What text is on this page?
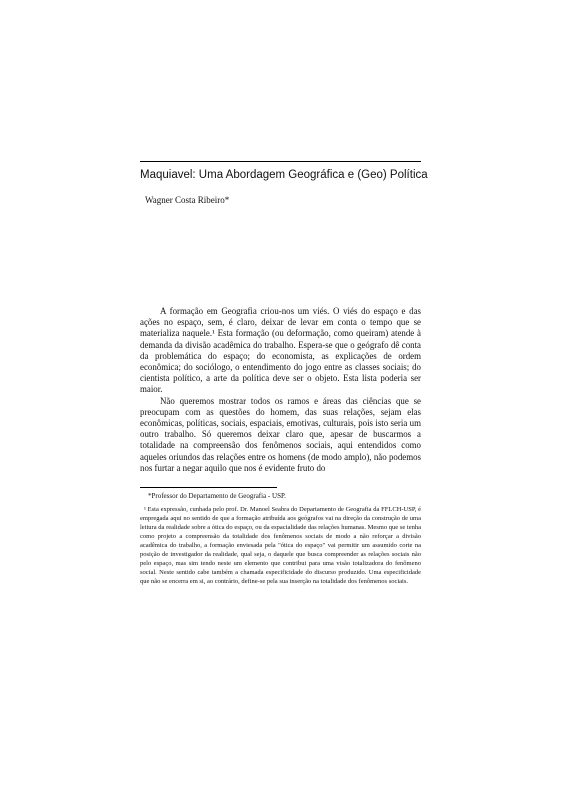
Maquiavel: Uma Abordagem Geográfica e (Geo) Política
Wagner Costa Ribeiro*

A formação em Geografia criou-nos um viés. O viés do espaço e das ações no espaço, sem, é claro, deixar de levar em conta o tempo que se materializa naquele.¹ Esta formação (ou deformação, como queiram) atende à demanda da divisão acadêmica do trabalho. Espera-se que o geógrafo dê conta da problemática do espaço; do economista, as explicações de ordem econômica; do sociólogo, o entendimento do jogo entre as classes sociais; do cientista político, a arte da política deve ser o objeto. Esta lista poderia ser maior.

Não queremos mostrar todos os ramos e áreas das ciências que se preocupam com as questões do homem, das suas relações, sejam elas econômicas, políticas, sociais, espaciais, emotivas, culturais, pois isto seria um outro trabalho. Só queremos deixar claro que, apesar de buscarmos a totalidade na compreensão dos fenômenos sociais, aqui entendidos como aqueles oriundos das relações entre os homens (de modo amplo), não podemos nos furtar a negar aquilo que nos é evidente fruto do

*Professor do Departamento de Geografia - USP.

¹ Esta expressão, cunhada pelo prof. Dr. Manoel Seabra do Departamento de Geografia da FFLCH-USP, é empregada aqui no sentido de que a formação atribuída aos geógrafos vai na direção da construção de uma leitura da realidade sobre a ótica do espaço, ou da espacialidade das relações humanas. Mesmo que se tenha como projeto a compreensão da totalidade dos fenômenos sociais de modo a não reforçar a divisão acadêmica do trabalho, a formação enviesada pela "ótica do espaço" vai permitir um assumido corte na posição de investigador da realidade, qual seja, o daquele que busca compreender as relações sociais não pelo espaço, mas sim tendo neste um elemento que contribui para uma visão totalizadora do fenômeno social. Neste sentido cabe também a chamada especificidade do discurso produzido. Uma especificidade que não se encerra em si, ao contrário, define-se pela sua inserção na totalidade dos fenômenos sociais.
